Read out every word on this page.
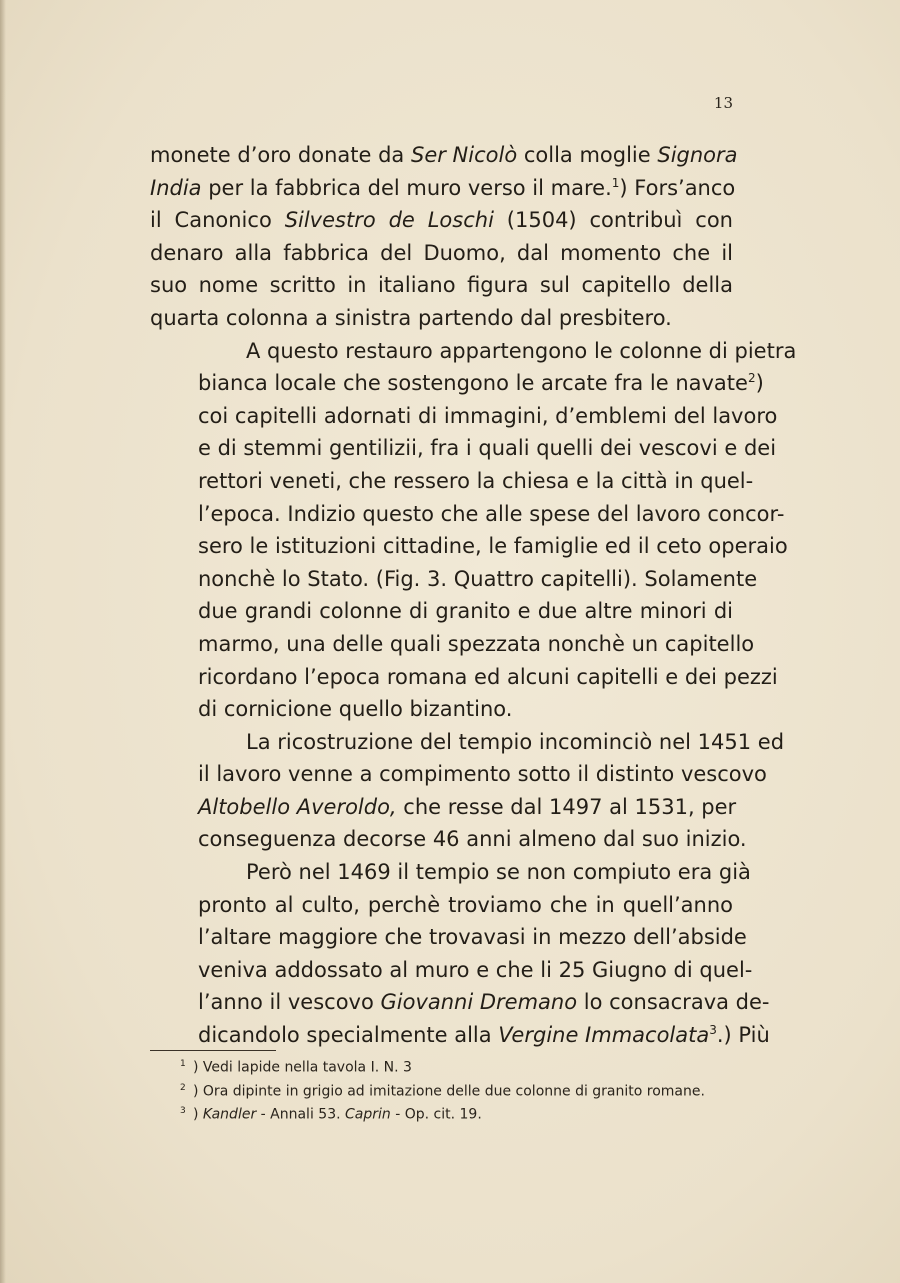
13
monete d’oro donate da Ser Nicolò colla moglie Signora
India per la fabbrica del muro verso il mare.$^1$) Fors’anco
il Canonico Silvestro de Loschi (1504) contribuì con
denaro alla fabbrica del Duomo, dal momento che il
suo nome scritto in italiano figura sul capitello della
quarta colonna a sinistra partendo dal presbitero.
A questo restauro appartengono le colonne di pietra
bianca locale che sostengono le arcate fra le navate$^2$)
coi capitelli adornati di immagini, d’emblemi del lavoro
e di stemmi gentilizii, fra i quali quelli dei vescovi e dei
rettori veneti, che ressero la chiesa e la città in quel-
l’epoca. Indizio questo che alle spese del lavoro concor-
sero le istituzioni cittadine, le famiglie ed il ceto operaio
nonchè lo Stato. (Fig. 3. Quattro capitelli). Solamente
due grandi colonne di granito e due altre minori di
marmo, una delle quali spezzata nonchè un capitello
ricordano l’epoca romana ed alcuni capitelli e dei pezzi
di cornicione quello bizantino.
La ricostruzione del tempio incominciò nel 1451 ed
il lavoro venne a compimento sotto il distinto vescovo
Altobello Averoldo, che resse dal 1497 al 1531, per
conseguenza decorse 46 anni almeno dal suo inizio.
Però nel 1469 il tempio se non compiuto era già
pronto al culto, perchè troviamo che in quell’anno
l’altare maggiore che trovavasi in mezzo dell’abside
veniva addossato al muro e che li 25 Giugno di quel-
l’anno il vescovo Giovanni Dremano lo consacrava de-
dicandolo specialmente alla Vergine Immacolata$^3$.) Più
1 ) Vedi lapide nella tavola I. N. 3
2 ) Ora dipinte in grigio ad imitazione delle due colonne di granito romane.
3 ) Kandler - Annali 53. Caprin - Op. cit. 19.
